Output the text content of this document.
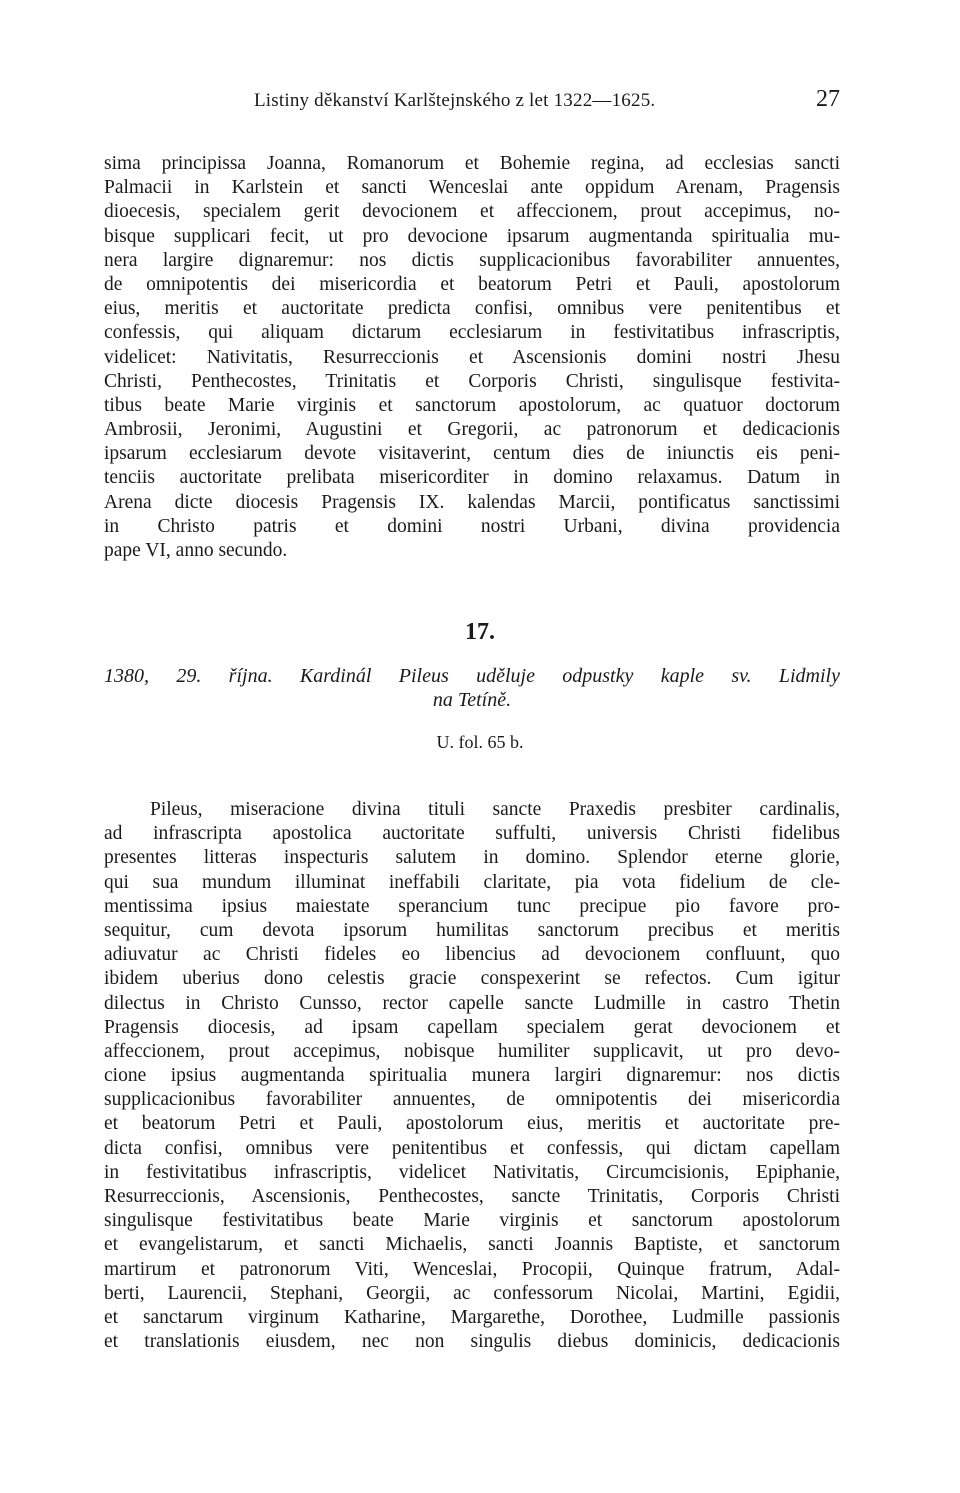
Listiny děkanství Karlštejnského z let 1322—1625.	27
sima principissa Joanna, Romanorum et Bohemie regina, ad ecclesias sancti
Palmacii in Karlstein et sancti Wenceslai ante oppidum Arenam, Pragensis
dioecesis, specialem gerit devocionem et affeccionem, prout accepimus, no-
bisque supplicari fecit, ut pro devocione ipsarum augmentanda spiritualia mu-
nera largire dignaremur: nos dictis supplicacionibus favorabiliter annuentes,
de omnipotentis dei misericordia et beatorum Petri et Pauli, apostolorum
eius, meritis et auctoritate predicta confisi, omnibus vere penitentibus et
confessis, qui aliquam dictarum ecclesiarum in festivitatibus infrascriptis,
videlicet: Nativitatis, Resurreccionis et Ascensionis domini nostri Jhesu
Christi, Penthecostes, Trinitatis et Corporis Christi, singulisque festivita-
tibus beate Marie virginis et sanctorum apostolorum, ac quatuor doctorum
Ambrosii, Jeronimi, Augustini et Gregorii, ac patronorum et dedicacionis
ipsarum ecclesiarum devote visitaverint, centum dies de iniunctis eis peni-
tenciis auctoritate prelibata misericorditer in domino relaxamus. Datum in
Arena dicte diocesis Pragensis IX. kalendas Marcii, pontificatus sanctissimi
in Christo patris et domini nostri Urbani, divina providencia
pape VI, anno secundo.
17.
1380, 29. října. Kardinál Pileus uděluje odpustky kaple sv. Lidmily
na Tetíně.
U. fol. 65 b.
Pileus, miseracione divina tituli sancte Praxedis presbiter cardinalis,
ad infrascripta apostolica auctoritate suffulti, universis Christi fidelibus
presentes litteras inspecturis salutem in domino. Splendor eterne glorie,
qui sua mundum illuminat ineffabili claritate, pia vota fidelium de cle-
mentissima ipsius maiestate sperancium tunc precipue pio favore pro-
sequitur, cum devota ipsorum humilitas sanctorum precibus et meritis
adiuvatur ac Christi fideles eo libencius ad devocionem confluunt, quo
ibidem uberius dono celestis gracie conspexerint se refectos. Cum igitur
dilectus in Christo Cunsso, rector capelle sancte Ludmille in castro Thetin
Pragensis diocesis, ad ipsam capellam specialem gerat devocionem et
affeccionem, prout accepimus, nobisque humiliter supplicavit, ut pro devo-
cione ipsius augmentanda spiritualia munera largiri dignaremur: nos dictis
supplicacionibus favorabiliter annuentes, de omnipotentis dei misericordia
et beatorum Petri et Pauli, apostolorum eius, meritis et auctoritate pre-
dicta confisi, omnibus vere penitentibus et confessis, qui dictam capellam
in festivitatibus infrascriptis, videlicet Nativitatis, Circumcisionis, Epiphanie,
Resurreccionis, Ascensionis, Penthecostes, sancte Trinitatis, Corporis Christi
singulisque festivitatibus beate Marie virginis et sanctorum apostolorum
et evangelistarum, et sancti Michaelis, sancti Joannis Baptiste, et sanctorum
martirum et patronorum Viti, Wenceslai, Procopii, Quinque fratrum, Adal-
berti, Laurencii, Stephani, Georgii, ac confessorum Nicolai, Martini, Egidii,
et sanctarum virginum Katharine, Margarethe, Dorothee, Ludmille passionis
et translationis eiusdem, nec non singulis diebus dominicis, dedicacionis
